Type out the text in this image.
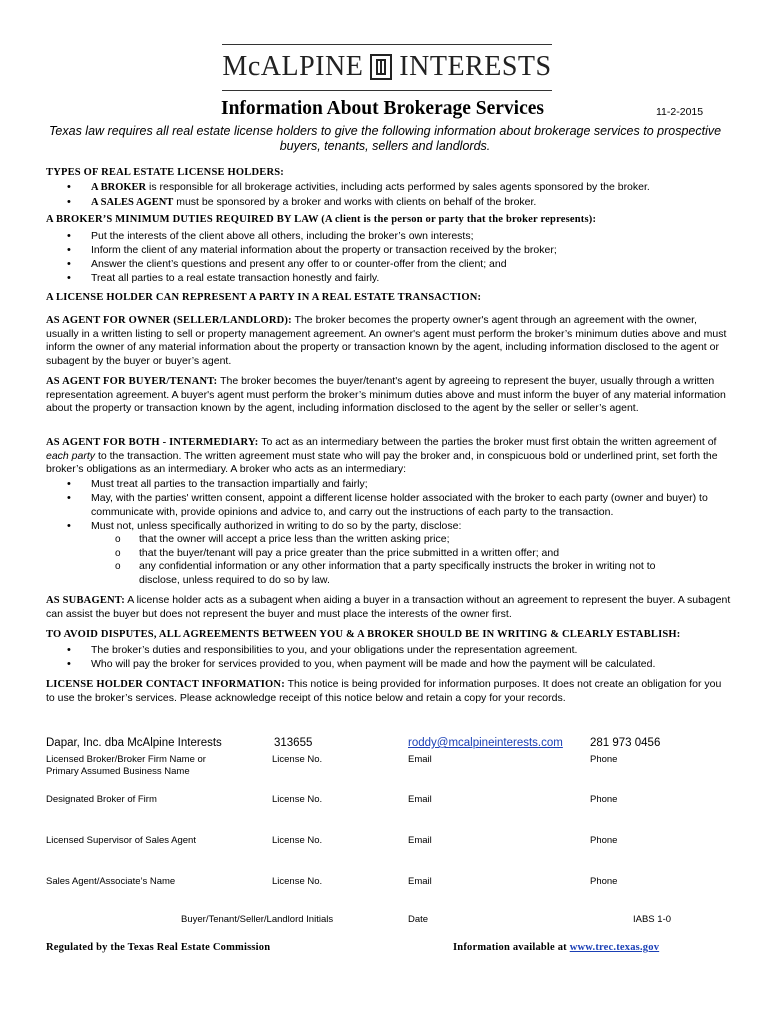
McALPINE INTERESTS
Information About Brokerage Services	11-2-2015
Texas law requires all real estate license holders to give the following information about brokerage services to prospective buyers, tenants, sellers and landlords.
TYPES OF REAL ESTATE LICENSE HOLDERS:
• A BROKER is responsible for all brokerage activities, including acts performed by sales agents sponsored by the broker.
• A SALES AGENT must be sponsored by a broker and works with clients on behalf of the broker.
A BROKER’S MINIMUM DUTIES REQUIRED BY LAW (A client is the person or party that the broker represents):
• Put the interests of the client above all others, including the broker’s own interests;
• Inform the client of any material information about the property or transaction received by the broker;
• Answer the client’s questions and present any offer to or counter-offer from the client; and
• Treat all parties to a real estate transaction honestly and fairly.
A LICENSE HOLDER CAN REPRESENT A PARTY IN A REAL ESTATE TRANSACTION:
AS AGENT FOR OWNER (SELLER/LANDLORD): The broker becomes the property owner's agent through an agreement with the owner, usually in a written listing to sell or property management agreement. An owner's agent must perform the broker’s minimum duties above and must inform the owner of any material information about the property or transaction known by the agent, including information disclosed to the agent or subagent by the buyer or buyer’s agent.
AS AGENT FOR BUYER/TENANT: The broker becomes the buyer/tenant's agent by agreeing to represent the buyer, usually through a written representation agreement. A buyer's agent must perform the broker’s minimum duties above and must inform the buyer of any material information about the property or transaction known by the agent, including information disclosed to the agent by the seller or seller’s agent.
AS AGENT FOR BOTH - INTERMEDIARY: To act as an intermediary between the parties the broker must first obtain the written agreement of each party to the transaction. The written agreement must state who will pay the broker and, in conspicuous bold or underlined print, set forth the broker’s obligations as an intermediary. A broker who acts as an intermediary:
• Must treat all parties to the transaction impartially and fairly;
• May, with the parties' written consent, appoint a different license holder associated with the broker to each party (owner and buyer) to communicate with, provide opinions and advice to, and carry out the instructions of each party to the transaction.
• Must not, unless specifically authorized in writing to do so by the party, disclose:
o that the owner will accept a price less than the written asking price;
o that the buyer/tenant will pay a price greater than the price submitted in a written offer; and
o any confidential information or any other information that a party specifically instructs the broker in writing not to disclose, unless required to do so by law.
AS SUBAGENT: A license holder acts as a subagent when aiding a buyer in a transaction without an agreement to represent the buyer. A subagent can assist the buyer but does not represent the buyer and must place the interests of the owner first.
TO AVOID DISPUTES, ALL AGREEMENTS BETWEEN YOU & A BROKER SHOULD BE IN WRITING & CLEARLY ESTABLISH:
• The broker’s duties and responsibilities to you, and your obligations under the representation agreement.
• Who will pay the broker for services provided to you, when payment will be made and how the payment will be calculated.
LICENSE HOLDER CONTACT INFORMATION: This notice is being provided for information purposes. It does not create an obligation for you to use the broker’s services. Please acknowledge receipt of this notice below and retain a copy for your records.
Dapar, Inc. dba McAlpine Interests	313655	roddy@mcalpineinterests.com 281 973 0456
Licensed Broker/Broker Firm Name or Primary Assumed Business Name
License No.	Email	Phone
Designated Broker of Firm	License No.	Email	Phone
Licensed Supervisor of Sales Agent	License No.	Email	Phone
Sales Agent/Associate’s Name	License No.	Email	Phone
Buyer/Tenant/Seller/Landlord Initials	Date	IABS 1-0
Regulated by the Texas Real Estate Commission	Information available at www.trec.texas.gov
